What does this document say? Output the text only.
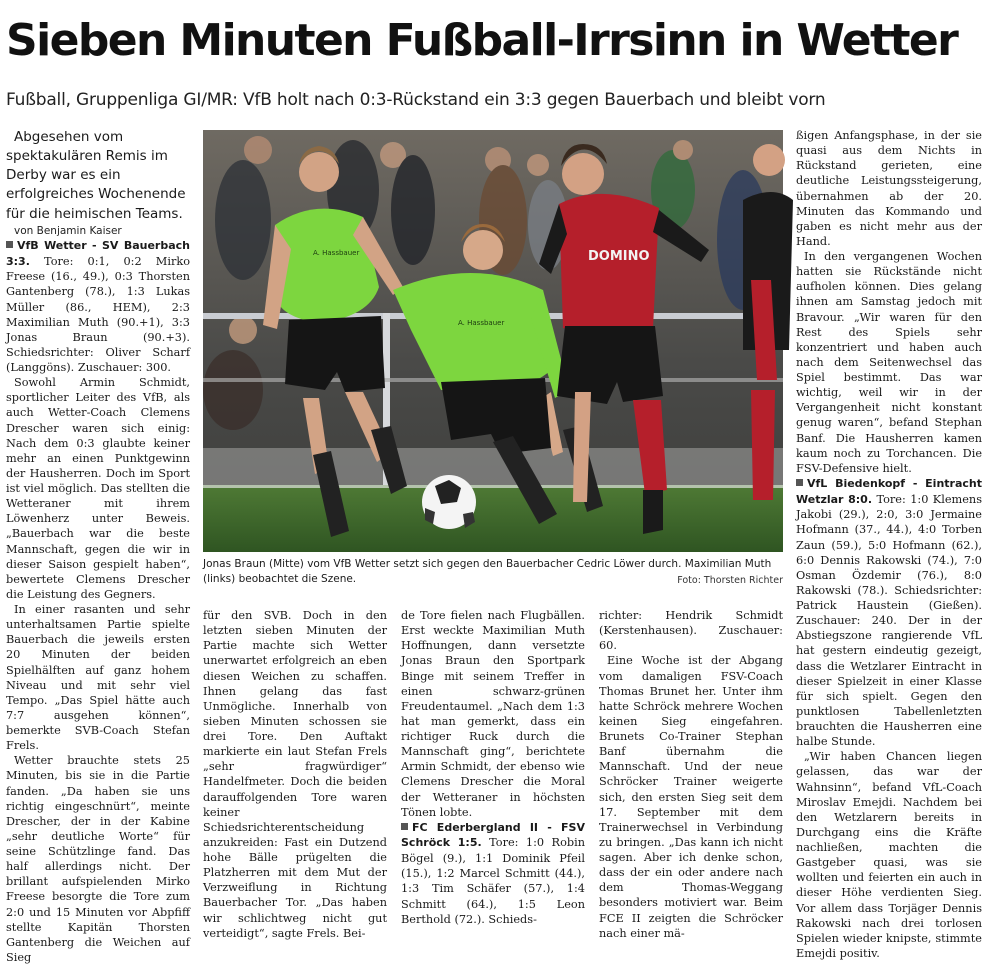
Sieben Minuten Fußball-Irrsinn in Wetter

Fußball, Gruppenliga GI/MR: VfB holt nach 0:3-Rückstand ein 3:3 gegen Bauerbach und bleibt vorn

Abgesehen vom spektakulären Remis im Derby war es ein erfolgreiches Wochenende für die heimischen Teams.

von Benjamin Kaiser

VfB Wetter - SV Bauerbach 3:3. Tore: 0:1, 0:2 Mirko Freese (16., 49.), 0:3 Thorsten Gantenberg (78.), 1:3 Lukas Müller (86., HEM), 2:3 Maximilian Muth (90.+1), 3:3 Jonas Braun (90.+3). Schiedsrichter: Oliver Scharf (Langgöns). Zuschauer: 300.

Sowohl Armin Schmidt, sportlicher Leiter des VfB, als auch Wetter-Coach Clemens Drescher waren sich einig: Nach dem 0:3 glaubte keiner mehr an einen Punktgewinn der Hausherren. Doch im Sport ist viel möglich. Das stellten die Wetteraner mit ihrem Löwenherz unter Beweis. „Bauerbach war die beste Mannschaft, gegen die wir in dieser Saison gespielt haben“, bewertete Clemens Drescher die Leistung des Gegners.

In einer rasanten und sehr unterhaltsamen Partie spielte Bauerbach die jeweils ersten 20 Minuten der beiden Spielhälften auf ganz hohem Niveau und mit sehr viel Tempo. „Das Spiel hätte auch 7:7 ausgehen können“, bemerkte SVB-Coach Stefan Frels.

Wetter brauchte stets 25 Minuten, bis sie in die Partie fanden. „Da haben sie uns richtig eingeschnürt“, meinte Drescher, der in der Kabine „sehr deutliche Worte“ für seine Schützlinge fand. Das half allerdings nicht. Der brillant aufspielenden Mirko Freese besorgte die Tore zum 2:0 und 15 Minuten vor Abpfiff stellte Kapitän Thorsten Gantenberg die Weichen auf Sieg

A. Hassbauer
A. Hassbauer
DOMINO

Jonas Braun (Mitte) vom VfB Wetter setzt sich gegen den Bauerbacher Cedric Löwer durch. Maximilian Muth (links) beobachtet die Szene.	Foto: Thorsten Richter

für den SVB. Doch in den letzten sieben Minuten der Partie machte sich Wetter unerwartet erfolgreich an eben diesen Weichen zu schaffen. Ihnen gelang das fast Unmögliche. Innerhalb von sieben Minuten schossen sie drei Tore. Den Auftakt markierte ein laut Stefan Frels „sehr fragwürdiger“ Handelfmeter. Doch die beiden darauffolgenden Tore waren keiner Schiedsrichterentscheidung anzukreiden: Fast ein Dutzend hohe Bälle prügelten die Platzherren mit dem Mut der Verzweiflung in Richtung Bauerbacher Tor. „Das haben wir schlichtweg nicht gut verteidigt“, sagte Frels. Bei-

de Tore fielen nach Flugbällen. Erst weckte Maximilian Muth Hoffnungen, dann versetzte Jonas Braun den Sportpark Binge mit seinem Treffer in einen schwarz-grünen Freudentaumel. „Nach dem 1:3 hat man gemerkt, dass ein richtiger Ruck durch die Mannschaft ging“, berichtete Armin Schmidt, der ebenso wie Clemens Drescher die Moral der Wetteraner in höchsten Tönen lobte.

FC Ederbergland II - FSV Schröck 1:5. Tore: 1:0 Robin Bögel (9.), 1:1 Dominik Pfeil (15.), 1:2 Marcel Schmitt (44.), 1:3 Tim Schäfer (57.), 1:4 Schmitt (64.), 1:5 Leon Berthold (72.). Schieds-

richter: Hendrik Schmidt (Kerstenhausen). Zuschauer: 60.

Eine Woche ist der Abgang vom damaligen FSV-Coach Thomas Brunet her. Unter ihm hatte Schröck mehrere Wochen keinen Sieg eingefahren. Brunets Co-Trainer Stephan Banf übernahm die Mannschaft. Und der neue Schröcker Trainer weigerte sich, den ersten Sieg seit dem 17. September mit dem Trainerwechsel in Verbindung zu bringen. „Das kann ich nicht sagen. Aber ich denke schon, dass der ein oder andere nach dem Thomas-Weggang besonders motiviert war. Beim FCE II zeigten die Schröcker nach einer mä-

ßigen Anfangsphase, in der sie quasi aus dem Nichts in Rückstand gerieten, eine deutliche Leistungssteigerung, übernahmen ab der 20. Minuten das Kommando und gaben es nicht mehr aus der Hand.

In den vergangenen Wochen hatten sie Rückstände nicht aufholen können. Dies gelang ihnen am Samstag jedoch mit Bravour. „Wir waren für den Rest des Spiels sehr konzentriert und haben auch nach dem Seitenwechsel das Spiel bestimmt. Das war wichtig, weil wir in der Vergangenheit nicht konstant genug waren“, befand Stephan Banf. Die Hausherren kamen kaum noch zu Torchancen. Die FSV-Defensive hielt.

VfL Biedenkopf - Eintracht Wetzlar 8:0. Tore: 1:0 Klemens Jakobi (29.), 2:0, 3:0 Jermaine Hofmann (37., 44.), 4:0 Torben Zaun (59.), 5:0 Hofmann (62.), 6:0 Dennis Rakowski (74.), 7:0 Osman Özdemir (76.), 8:0 Rakowski (78.). Schiedsrichter: Patrick Haustein (Gießen). Zuschauer: 240. Der in der Abstiegszone rangierende VfL hat gestern eindeutig gezeigt, dass die Wetzlarer Eintracht in dieser Spielzeit in einer Klasse für sich spielt. Gegen den punktlosen Tabellenletzten brauchten die Hausherren eine halbe Stunde.

„Wir haben Chancen liegen gelassen, das war der Wahnsinn“, befand VfL-Coach Miroslav Emejdi. Nachdem bei den Wetzlarern bereits in Durchgang eins die Kräfte nachließen, machten die Gastgeber quasi, was sie wollten und feierten ein auch in dieser Höhe verdienten Sieg. Vor allem dass Torjäger Dennis Rakowski nach drei torlosen Spielen wieder knipste, stimmte Emejdi positiv.
